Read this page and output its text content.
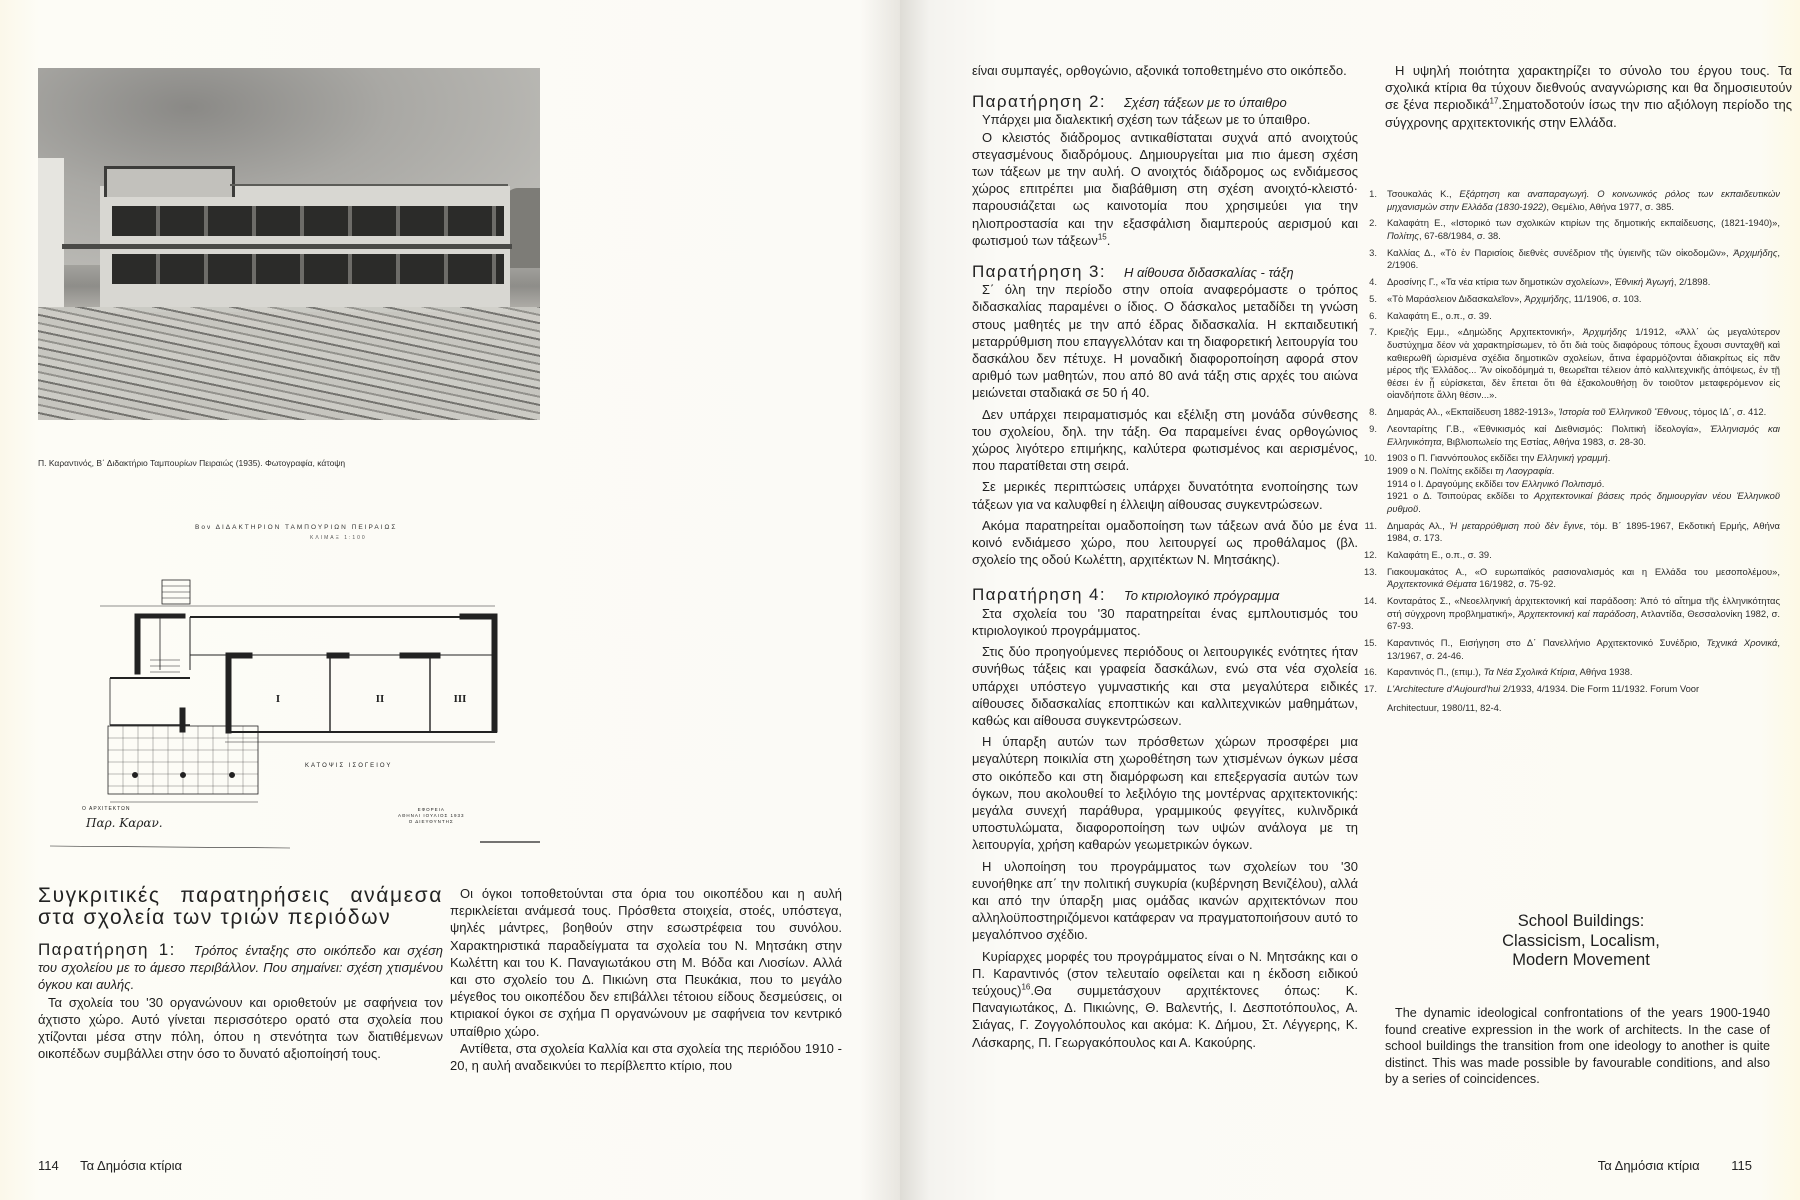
Π. Καραντινός, Β΄ Διδακτήριο Ταμπουρίων Πειραιώς (1935). Φωτογραφία, κάτοψη
Βον ΔΙΔΑΚΤΗΡΙΟΝ ΤΑΜΠΟΥΡΙΩΝ ΠΕΙΡΑΙΩΣ
ΚΛΙΜΑΞ 1:100
I	II	III
ΚΑΤΟΨΙΣ ΙΣΟΓΕΙΟΥ
Ο ΑΡΧΙΤΕΚΤΩΝ
Παρ. Καραν.
ΕΦΟΡΕΙΑ
ΑΘΗΝΑΙ ΙΟΥΛΙΟΣ 1933
Ο ΔΙΕΥΘΥΝΤΗΣ
Συγκριτικές παρατηρήσεις ανάμεσα στα σχολεία των τριών περιόδων

Παρατήρηση 1: Τρόπος ένταξης στο οικόπεδο και σχέση του σχολείου με το άμεσο περιβάλλον. Που σημαίνει: σχέση χτισμένου όγκου και αυλής.

Τα σχολεία του '30 οργανώνουν και οριοθετούν με σαφήνεια τον άχτιστο χώρο. Αυτό γίνεται περισσότερο ορατό στα σχολεία που χτίζονται μέσα στην πόλη, όπου η στενότητα των διατιθέμενων οικοπέδων συμβάλλει στην όσο το δυνατό αξιοποίησή τους.

Οι όγκοι τοποθετούνται στα όρια του οικοπέδου και η αυλή περικλείεται ανάμεσά τους. Πρόσθετα στοιχεία, στοές, υπόστεγα, ψηλές μάντρες, βοηθούν στην εσωστρέφεια του συνόλου. Χαρακτηριστικά παραδείγματα τα σχολεία του Ν. Μητσάκη στην Κωλέττη και του Κ. Παναγιωτάκου στη Μ. Βόδα και Λιοσίων. Αλλά και στο σχολείο του Δ. Πικιώνη στα Πευκάκια, που το μεγάλο μέγεθος του οικοπέδου δεν επιβάλλει τέτοιου είδους δεσμεύσεις, οι κτιριακοί όγκοι σε σχήμα Π οργανώνουν με σαφήνεια τον κεντρικό υπαίθριο χώρο.

Αντίθετα, στα σχολεία Καλλία και στα σχολεία της περιόδου 1910 - 20, η αυλή αναδεικνύει το περίβλεπτο κτίριο, που

114 Τα Δημόσια κτίρια

είναι συμπαγές, ορθογώνιο, αξονικά τοποθετημένο στο οικόπεδο.

Παρατήρηση 2: Σχέση τάξεων με το ύπαιθρο

Υπάρχει μια διαλεκτική σχέση των τάξεων με το ύπαιθρο.

Ο κλειστός διάδρομος αντικαθίσταται συχνά από ανοιχτούς στεγασμένους διαδρόμους. Δημιουργείται μια πιο άμεση σχέση των τάξεων με την αυλή. Ο ανοιχτός διάδρομος ως ενδιάμεσος χώρος επιτρέπει μια διαβάθμιση στη σχέση ανοιχτό-κλειστό· παρουσιάζεται ως καινοτομία που χρησιμεύει για την ηλιοπροστασία και την εξασφάλιση διαμπερούς αερισμού και φωτισμού των τάξεων$^{15}$.

Παρατήρηση 3: Η αίθουσα διδασκαλίας - τάξη

Σ΄ όλη την περίοδο στην οποία αναφερόμαστε ο τρόπος διδασκαλίας παραμένει ο ίδιος. Ο δάσκαλος μεταδίδει τη γνώση στους μαθητές με την από έδρας διδασκαλία. Η εκπαιδευτική μεταρρύθμιση που επαγγελλόταν και τη διαφορετική λειτουργία του δασκάλου δεν πέτυχε. Η μοναδική διαφοροποίηση αφορά στον αριθμό των μαθητών, που από 80 ανά τάξη στις αρχές του αιώνα μειώνεται σταδιακά σε 50 ή 40.

Δεν υπάρχει πειραματισμός και εξέλιξη στη μονάδα σύνθεσης του σχολείου, δηλ. την τάξη. Θα παραμείνει ένας ορθογώνιος χώρος λιγότερο επιμήκης, καλύτερα φωτισμένος και αερισμένος, που παρατίθεται στη σειρά.

Σε μερικές περιπτώσεις υπάρχει δυνατότητα ενοποίησης των τάξεων για να καλυφθεί η έλλειψη αίθουσας συγκεντρώσεων.

Ακόμα παρατηρείται ομαδοποίηση των τάξεων ανά δύο με ένα κοινό ενδιάμεσο χώρο, που λειτουργεί ως προθάλαμος (βλ. σχολείο της οδού Κωλέττη, αρχιτέκτων Ν. Μητσάκης).

Παρατήρηση 4: Το κτιριολογικό πρόγραμμα

Στα σχολεία του '30 παρατηρείται ένας εμπλουτισμός του κτιριολογικού προγράμματος.

Στις δύο προηγούμενες περιόδους οι λειτουργικές ενότητες ήταν συνήθως τάξεις και γραφεία δασκάλων, ενώ στα νέα σχολεία υπάρχει υπόστεγο γυμναστικής και στα μεγαλύτερα ειδικές αίθουσες διδασκαλίας εποπτικών και καλλιτεχνικών μαθημάτων, καθώς και αίθουσα συγκεντρώσεων.

Η ύπαρξη αυτών των πρόσθετων χώρων προσφέρει μια μεγαλύτερη ποικιλία στη χωροθέτηση των χτισμένων όγκων μέσα στο οικόπεδο και στη διαμόρφωση και επεξεργασία αυτών των όγκων, που ακολουθεί το λεξιλόγιο της μοντέρνας αρχιτεκτονικής: μεγάλα συνεχή παράθυρα, γραμμικούς φεγγίτες, κυλινδρικά υποστυλώματα, διαφοροποίηση των υψών ανάλογα με τη λειτουργία, χρήση καθαρών γεωμετρικών όγκων.

Η υλοποίηση του προγράμματος των σχολείων του '30 ευνοήθηκε απ΄ την πολιτική συγκυρία (κυβέρνηση Βενιζέλου), αλλά και από την ύπαρξη μιας ομάδας ικανών αρχιτεκτόνων που αλληλοϋποστηριζόμενοι κατάφεραν να πραγματοποιήσουν αυτό το μεγαλόπνοο σχέδιο.

Κυρίαρχες μορφές του προγράμματος είναι ο Ν. Μητσάκης και ο Π. Καραντινός (στον τελευταίο οφείλεται και η έκδοση ειδικού τεύχους)$^{16}$.Θα συμμετάσχουν αρχιτέκτονες όπως: Κ. Παναγιωτάκος, Δ. Πικιώνης, Θ. Βαλεντής, Ι. Δεσποτόπουλος, Α. Σιάγας, Γ. Ζογγολόπουλος και ακόμα: Κ. Δήμου, Στ. Λέγγερης, Κ. Λάσκαρης, Π. Γεωργακόπουλος και Α. Κακούρης.

Η υψηλή ποιότητα χαρακτηρίζει το σύνολο του έργου τους. Τα σχολικά κτίρια θα τύχουν διεθνούς αναγνώρισης και θα δημοσιευτούν σε ξένα περιοδικά$^{17}$.Σηματοδοτούν ίσως την πιο αξιόλογη περίοδο της σύγχρονης αρχιτεκτονικής στην Ελλάδα.

1.	Τσουκαλάς Κ., Εξάρτηση και αναπαραγωγή. Ο κοινωνικός ρόλος των εκπαιδευτικών μηχανισμών στην Ελλάδα (1830-1922), Θεμέλιο, Αθήνα 1977, σ. 385.
2.	Καλαφάτη Ε., «Ιστορικό των σχολικών κτιρίων της δημοτικής εκπαίδευσης, (1821-1940)», Πολίτης, 67-68/1984, σ. 38.
3.	Καλλίας Δ., «Τὸ ἐν Παρισίοις διεθνὲς συνέδριον τῆς ὑγιεινῆς τῶν οἰκοδομῶν», Ἀρχιμήδης, 2/1906.
4.	Δροσίνης Γ., «Τα νέα κτίρια των δημοτικών σχολείων», Ἐθνική Ἀγωγή, 2/1898.
5.	«Τὸ Μαράσλειον Διδασκαλεῖον», Ἀρχιμήδης, 11/1906, σ. 103.
6.	Καλαφάτη Ε., ο.π., σ. 39.
7.	Κριεζής Εμμ., «Δημώδης Αρχιτεκτονική», Ἀρχιμήδης 1/1912, «Ἀλλ΄ ὡς μεγαλύτερον δυστύχημα δέον νὰ χαρακτηρίσωμεν, τὸ ὅτι διὰ τοὺς διαφόρους τόπους ἔχουσι συνταχθῆ καὶ καθιερωθῆ ὡρισμένα σχέδια δημοτικῶν σχολείων, ἅτινα ἐφαρμόζονται ἀδιακρίτως εἰς πᾶν μέρος τῆς Ἑλλάδος... Ἂν οἰκοδόμημά τι, θεωρεῖται τέλειον ἀπὸ καλλιτεχνικῆς ἀπόψεως, ἐν τῇ θέσει ἐν ᾗ εὑρίσκεται, δὲν ἕπεται ὅτι θὰ ἐξακολουθήσῃ ὂν τοιοῦτον μεταφερόμενον εἰς οἱανδήποτε ἄλλη θέσιν...».
8.	Δημαράς Αλ., «Εκπαίδευση 1882-1913», Ἱστορία τοῦ Ἑλληνικοῦ Ἔθνους, τόμος ΙΔ΄, σ. 412.
9.	Λεονταρίτης Γ.Β., «Ἐθνικισμός καί Διεθνισμός: Πολιτική ἰδεολογία», Ἑλληνισμός και Ελληνικότητα, Βιβλιοπωλείο της Εστίας, Αθήνα 1983, σ. 28-30.
10.	1903 ο Π. Γιαννόπουλος εκδίδει την Ελληνική γραμμή.
1909 ο Ν. Πολίτης εκδίδει τη Λαογραφία.
1914 ο Ι. Δραγούμης εκδίδει τον Ελληνικό Πολιτισμό.
1921 ο Δ. Τσιπούρας εκδίδει το Αρχιτεκτονικαί βάσεις πρός δημιουργίαν νέου Ἑλληνικοῦ ρυθμοῦ.
11.	Δημαράς Αλ., Ἡ μεταρρύθμιση ποὺ δὲν ἔγινε, τόμ. Β΄ 1895-1967, Εκδοτική Ερμής, Αθήνα 1984, σ. 173.
12.	Καλαφάτη Ε., ο.π., σ. 39.
13.	Γιακουμακάτος Α., «Ο ευρωπαϊκός ρασιοναλισμός και η Ελλάδα του μεσοπολέμου», Ἀρχιτεκτονικά Θέματα 16/1982, σ. 75-92.
14.	Κονταράτος Σ., «Νεοελληνική ἀρχιτεκτονική καί παράδοση: Ἀπό τό αἴτημα τῆς ἑλληνικότητας στή σύγχρονη προβληματική», Ἀρχιτεκτονική καί παράδοση, Ατλαντίδα, Θεσσαλονίκη 1982, σ. 67-93.
15.	Καραντινός Π., Εισήγηση στο Δ΄ Πανελλήνιο Αρχιτεκτονικό Συνέδριο, Τεχνικά Χρονικά, 13/1967, σ. 24-46.
16.	Καραντινός Π., (επιμ.), Τα Νέα Σχολικά Κτίρια, Αθήνα 1938.
17.	L'Architecture d'Aujourd'hui 2/1933, 4/1934. Die Form 11/1932. Forum Voor
Architectuur, 1980/11, 82-4.
School Buildings:
Classicism, Localism,
Modern Movement

The dynamic ideological confrontations of the years 1900-1940 found creative expression in the work of architects. In the case of school buildings the transition from one ideology to another is quite distinct. This was made possible by favourable conditions, and also by a series of coincidences.

Τα Δημόσια κτίρια 115
